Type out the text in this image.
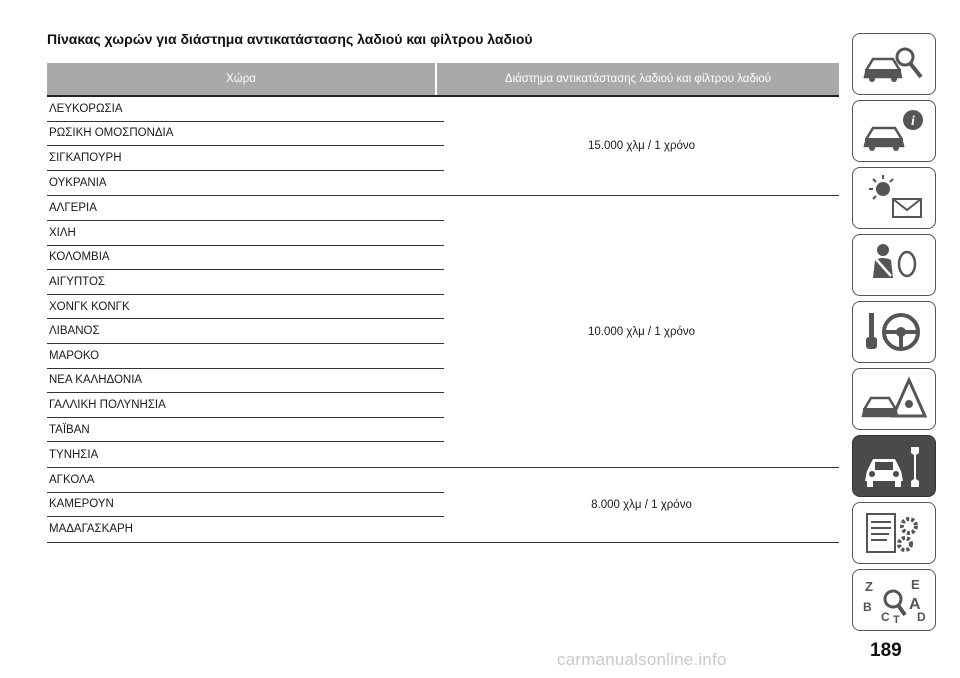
Πίνακας χωρών για διάστημα αντικατάστασης λαδιού και φίλτρου λαδιού
Χώρα	Διάστημα αντικατάστασης λαδιού και φίλτρου λαδιού
ΛΕΥΚΟΡΩΣΙΑ
ΡΩΣΙΚΗ ΟΜΟΣΠΟΝΔΙΑ
ΣΙΓΚΑΠΟΥΡΗ
ΟΥΚΡΑΝΙΑ
15.000 χλμ / 1 χρόνο
ΑΛΓΕΡΙΑ
ΧΙΛΗ
ΚΟΛΟΜΒΙΑ
ΑΙΓΥΠΤΟΣ
ΧΟΝΓΚ ΚΟΝΓΚ
ΛΙΒΑΝΟΣ
ΜΑΡΟΚΟ
ΝΕΑ ΚΑΛΗΔΟΝΙΑ
ΓΑΛΛΙΚΗ ΠΟΛΥΝΗΣΙΑ
ΤΑΪΒΑΝ
ΤΥΝΗΣΙΑ
10.000 χλμ / 1 χρόνο
ΑΓΚΟΛΑ
ΚΑΜΕΡΟΥΝ
ΜΑΔΑΓΑΣΚΑΡΗ
8.000 χλμ / 1 χρόνο
i
Z	E
B A
C T D
189
carmanualsonline.info
